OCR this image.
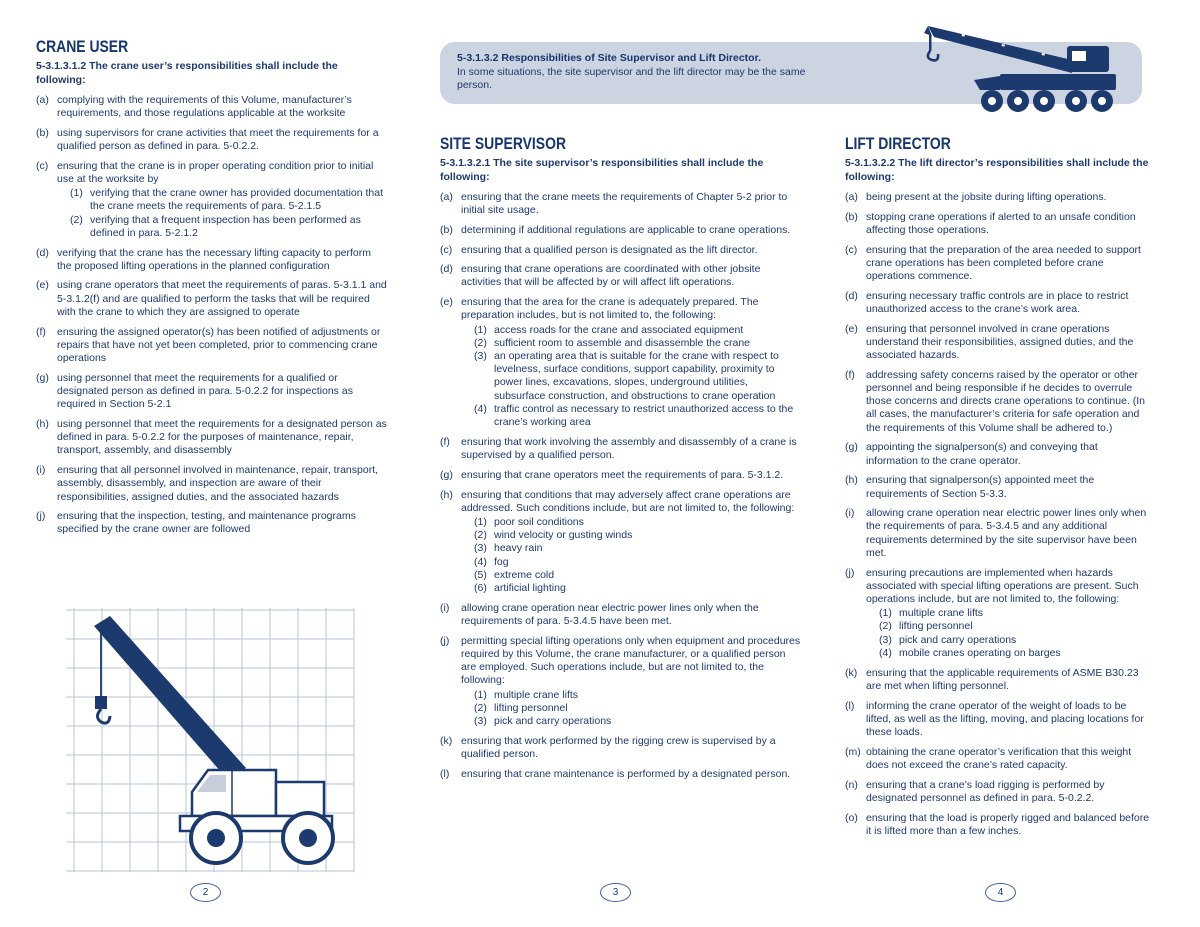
5-3.1.3.2 Responsibilities of Site Supervisor and Lift Director.
In some situations, the site supervisor and the lift director may be the same person.
CRANE USER

5-3.1.3.1.2 The crane user’s responsibilities shall include the following:

(a) complying with the requirements of this Volume, manufacturer’s requirements, and those regulations applicable at the worksite
(b) using supervisors for crane activities that meet the requirements for a qualified person as defined in para. 5-0.2.2.
(c) ensuring that the crane is in proper operating condition prior to initial use at the worksite by
(1) verifying that the crane owner has provided documentation that the crane meets the requirements of para. 5-2.1.5
(2) verifying that a frequent inspection has been performed as defined in para. 5-2.1.2
(d) verifying that the crane has the necessary lifting capacity to perform the proposed lifting operations in the planned configuration
(e) using crane operators that meet the requirements of paras. 5-3.1.1 and 5-3.1.2(f) and are qualified to perform the tasks that will be required with the crane to which they are assigned to operate
(f) ensuring the assigned operator(s) has been notified of adjustments or repairs that have not yet been completed, prior to commencing crane operations
(g) using personnel that meet the requirements for a qualified or designated person as defined in para. 5-0.2.2 for inspections as required in Section 5-2.1
(h) using personnel that meet the requirements for a designated person as defined in para. 5-0.2.2 for the purposes of maintenance, repair, transport, assembly, and disassembly
(i) ensuring that all personnel involved in maintenance, repair, transport, assembly, disassembly, and inspection are aware of their responsibilities, assigned duties, and the associated hazards
(j) ensuring that the inspection, testing, and maintenance programs specified by the crane owner are followed
SITE SUPERVISOR

5-3.1.3.2.1 The site supervisor’s responsibilities shall include the following:

(a) ensuring that the crane meets the requirements of Chapter 5-2 prior to initial site usage.
(b) determining if additional regulations are applicable to crane operations.
(c) ensuring that a qualified person is designated as the lift director.
(d) ensuring that crane operations are coordinated with other jobsite activities that will be affected by or will affect lift operations.
(e) ensuring that the area for the crane is adequately prepared. The preparation includes, but is not limited to, the following:
(1) access roads for the crane and associated equipment
(2) sufficient room to assemble and disassemble the crane
(3) an operating area that is suitable for the crane with respect to levelness, surface conditions, support capability, proximity to power lines, excavations, slopes, underground utilities, subsurface construction, and obstructions to crane operation
(4) traffic control as necessary to restrict unauthorized access to the crane’s working area
(f) ensuring that work involving the assembly and disassembly of a crane is supervised by a qualified person.
(g) ensuring that crane operators meet the requirements of para. 5-3.1.2.
(h) ensuring that conditions that may adversely affect crane operations are addressed. Such conditions include, but are not limited to, the following:
(1) poor soil conditions
(2) wind velocity or gusting winds
(3) heavy rain
(4) fog
(5) extreme cold
(6) artificial lighting
(i) allowing crane operation near electric power lines only when the requirements of para. 5-3.4.5 have been met.
(j) permitting special lifting operations only when equipment and procedures required by this Volume, the crane manufacturer, or a qualified person are employed. Such operations include, but are not limited to, the following:
(1) multiple crane lifts
(2) lifting personnel
(3) pick and carry operations
(k) ensuring that work performed by the rigging crew is supervised by a qualified person.
(l) ensuring that crane maintenance is performed by a designated person.
LIFT DIRECTOR

5-3.1.3.2.2 The lift director’s responsibilities shall include the following:

(a) being present at the jobsite during lifting operations.
(b) stopping crane operations if alerted to an unsafe condition affecting those operations.
(c) ensuring that the preparation of the area needed to support crane operations has been completed before crane operations commence.
(d) ensuring necessary traffic controls are in place to restrict unauthorized access to the crane’s work area.
(e) ensuring that personnel involved in crane operations understand their responsibilities, assigned duties, and the associated hazards.
(f) addressing safety concerns raised by the operator or other personnel and being responsible if he decides to overrule those concerns and directs crane operations to continue. (In all cases, the manufacturer’s criteria for safe operation and the requirements of this Volume shall be adhered to.)
(g) appointing the signalperson(s) and conveying that information to the crane operator.
(h) ensuring that signalperson(s) appointed meet the requirements of Section 5-3.3.
(i) allowing crane operation near electric power lines only when the requirements of para. 5-3.4.5 and any additional requirements determined by the site supervisor have been met.
(j) ensuring precautions are implemented when hazards associated with special lifting operations are present. Such operations include, but are not limited to, the following:
(1) multiple crane lifts
(2) lifting personnel
(3) pick and carry operations
(4) mobile cranes operating on barges
(k) ensuring that the applicable requirements of ASME B30.23 are met when lifting personnel.
(l) informing the crane operator of the weight of loads to be lifted, as well as the lifting, moving, and placing locations for these loads.
(m) obtaining the crane operator’s verification that this weight does not exceed the crane’s rated capacity.
(n) ensuring that a crane’s load rigging is performed by designated personnel as defined in para. 5-0.2.2.
(o) ensuring that the load is properly rigged and balanced before it is lifted more than a few inches.
2	3	4
